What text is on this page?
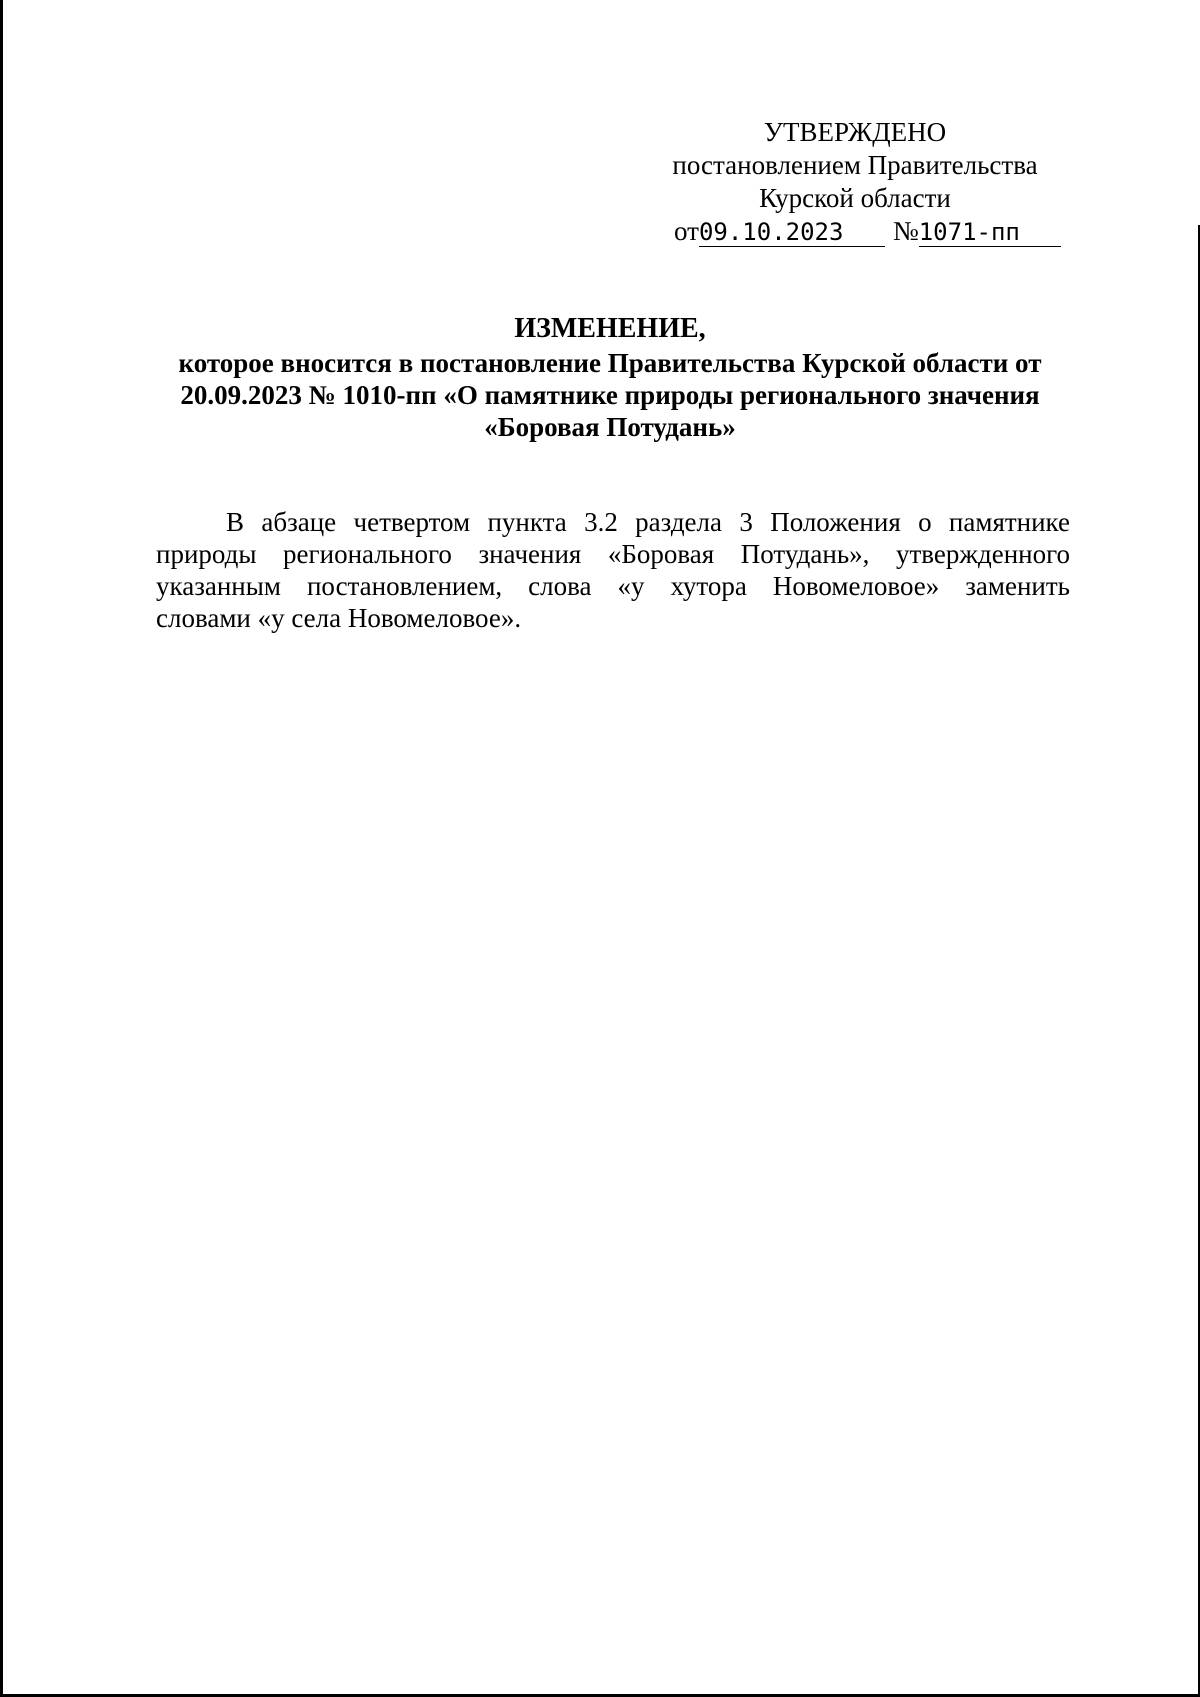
УТВЕРЖДЕНО
постановлением Правительства
Курской области
от09.10.2023 №1071-пп
ИЗМЕНЕНИЕ,
которое вносится в постановление Правительства Курской области от
20.09.2023 № 1010-пп «О памятнике природы регионального значения
«Боровая Потудань»
В абзаце четвертом пункта 3.2 раздела 3 Положения о памятнике
природы регионального значения «Боровая Потудань», утвержденного
указанным постановлением, слова «у хутора Новомеловое» заменить
словами «у села Новомеловое».
